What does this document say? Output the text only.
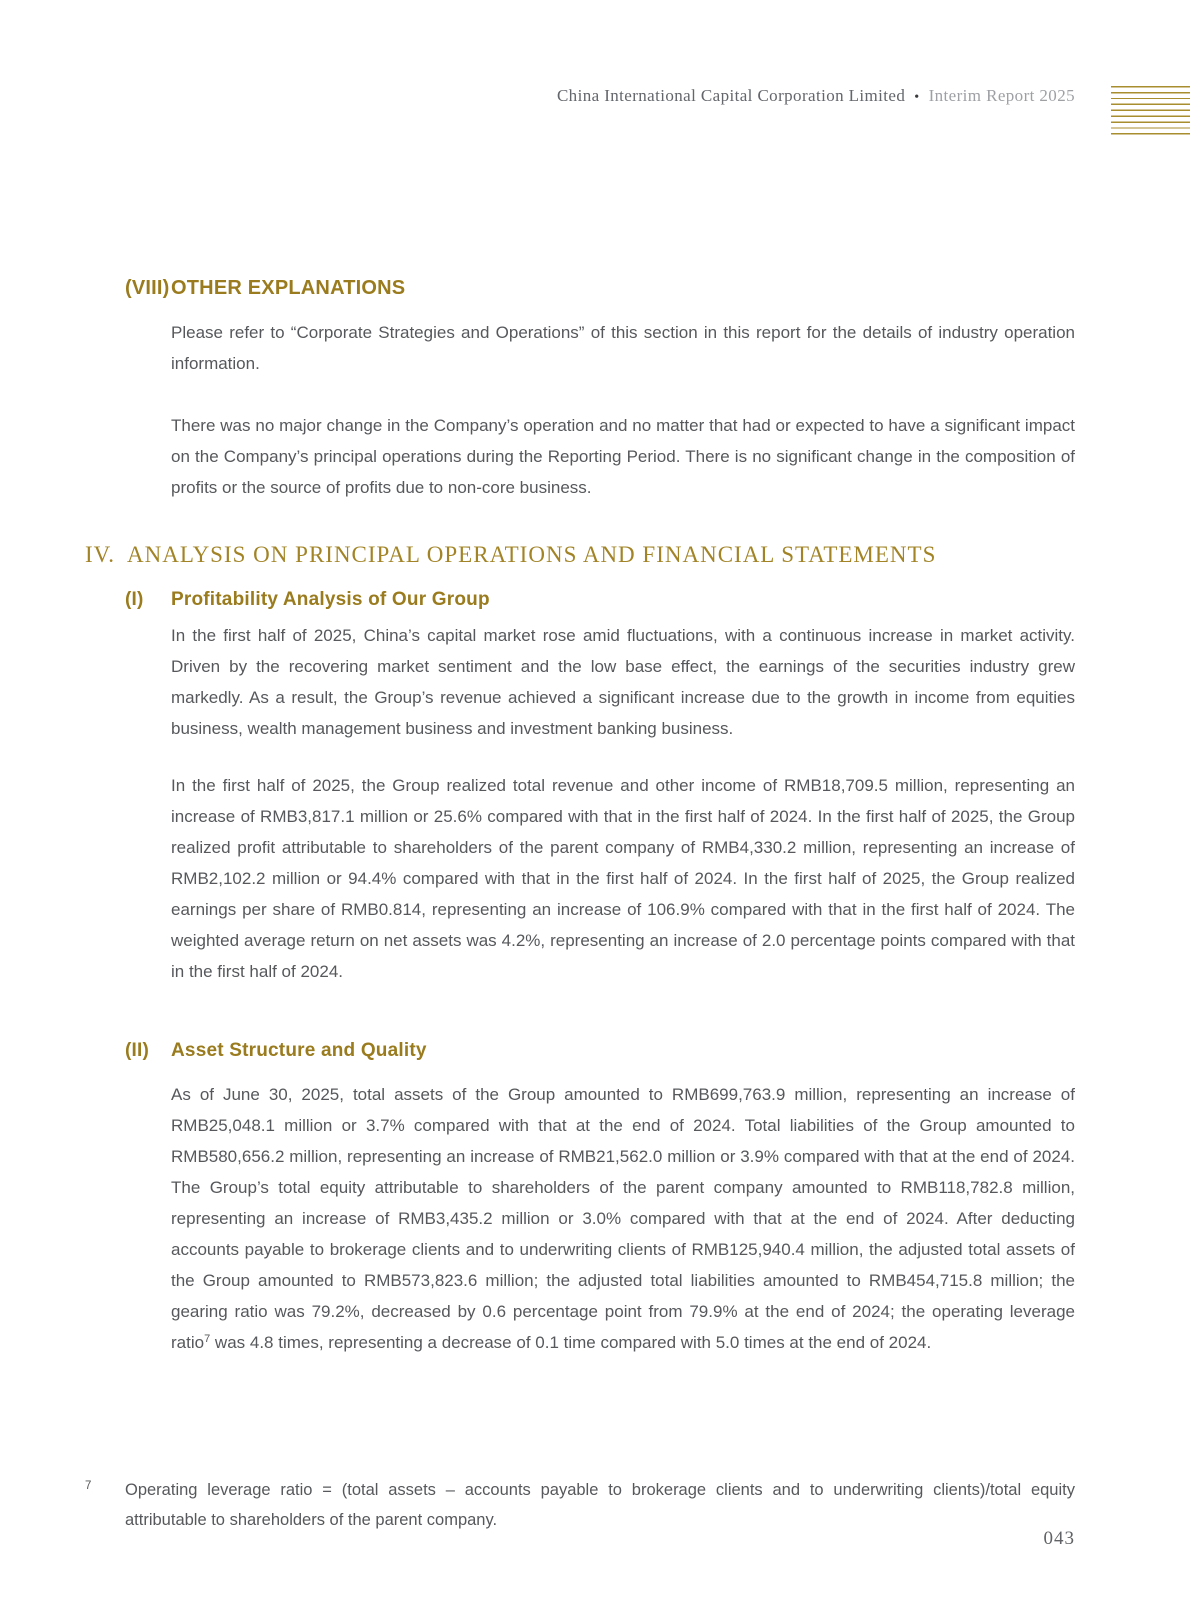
China International Capital Corporation Limited • Interim Report 2025
(VIII) OTHER EXPLANATIONS

Please refer to “Corporate Strategies and Operations” of this section in this report for the details of industry operation information.

There was no major change in the Company’s operation and no matter that had or expected to have a significant impact on the Company’s principal operations during the Reporting Period. There is no significant change in the composition of profits or the source of profits due to non-core business.

IV. ANALYSIS ON PRINCIPAL OPERATIONS AND FINANCIAL STATEMENTS
(I)	Profitability Analysis of Our Group

In the first half of 2025, China’s capital market rose amid fluctuations, with a continuous increase in market activity. Driven by the recovering market sentiment and the low base effect, the earnings of the securities industry grew markedly. As a result, the Group’s revenue achieved a significant increase due to the growth in income from equities business, wealth management business and investment banking business.

In the first half of 2025, the Group realized total revenue and other income of RMB18,709.5 million, representing an increase of RMB3,817.1 million or 25.6% compared with that in the first half of 2024. In the first half of 2025, the Group realized profit attributable to shareholders of the parent company of RMB4,330.2 million, representing an increase of RMB2,102.2 million or 94.4% compared with that in the first half of 2024. In the first half of 2025, the Group realized earnings per share of RMB0.814, representing an increase of 106.9% compared with that in the first half of 2024. The weighted average return on net assets was 4.2%, representing an increase of 2.0 percentage points compared with that in the first half of 2024.

(II)	Asset Structure and Quality

As of June 30, 2025, total assets of the Group amounted to RMB699,763.9 million, representing an increase of RMB25,048.1 million or 3.7% compared with that at the end of 2024. Total liabilities of the Group amounted to RMB580,656.2 million, representing an increase of RMB21,562.0 million or 3.9% compared with that at the end of 2024. The Group’s total equity attributable to shareholders of the parent company amounted to RMB118,782.8 million, representing an increase of RMB3,435.2 million or 3.0% compared with that at the end of 2024. After deducting accounts payable to brokerage clients and to underwriting clients of RMB125,940.4 million, the adjusted total assets of the Group amounted to RMB573,823.6 million; the adjusted total liabilities amounted to RMB454,715.8 million; the gearing ratio was 79.2%, decreased by 0.6 percentage point from 79.9% at the end of 2024; the operating leverage ratio$^7$ was 4.8 times, representing a decrease of 0.1 time compared with 5.0 times at the end of 2024.

7	Operating leverage ratio = (total assets – accounts payable to brokerage clients and to underwriting clients)/total equity attributable to shareholders of the parent company.

043
